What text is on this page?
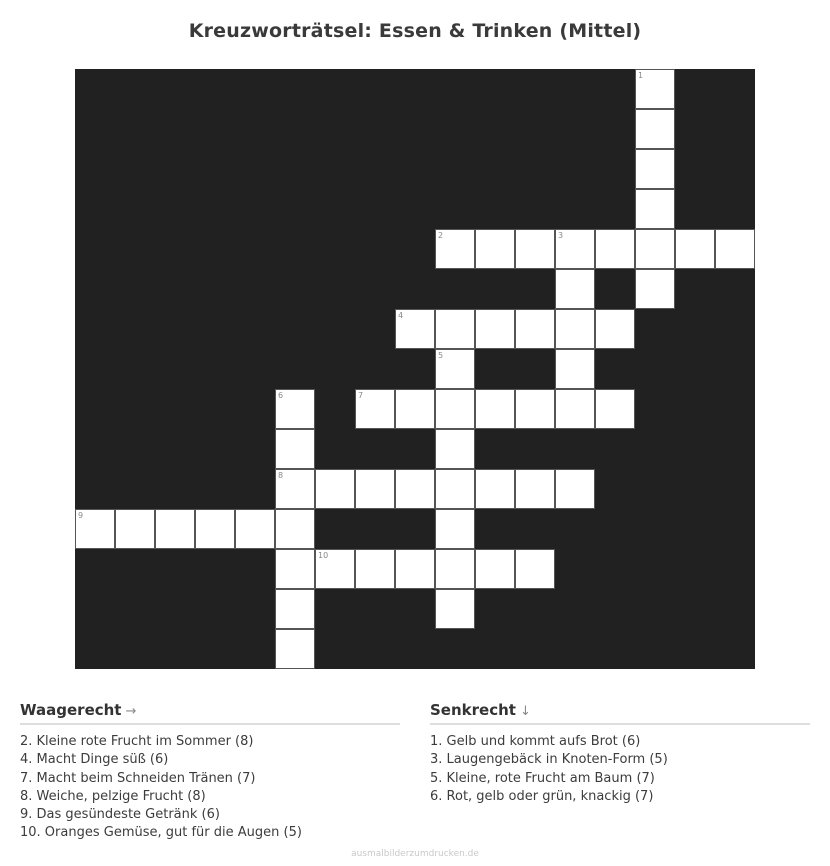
Kreuzworträtsel: Essen & Trinken (Mittel)
1
2	3
4
5
6	7
8
9
10
Waagerecht →
2. Kleine rote Frucht im Sommer (8)
4. Macht Dinge süß (6)
7. Macht beim Schneiden Tränen (7)
8. Weiche, pelzige Frucht (8)
9. Das gesündeste Getränk (6)
10. Oranges Gemüse, gut für die Augen (5)
Senkrecht ↓
1. Gelb und kommt aufs Brot (6)
3. Laugengebäck in Knoten-Form (5)
5. Kleine, rote Frucht am Baum (7)
6. Rot, gelb oder grün, knackig (7)
ausmalbilderzumdrucken.de
